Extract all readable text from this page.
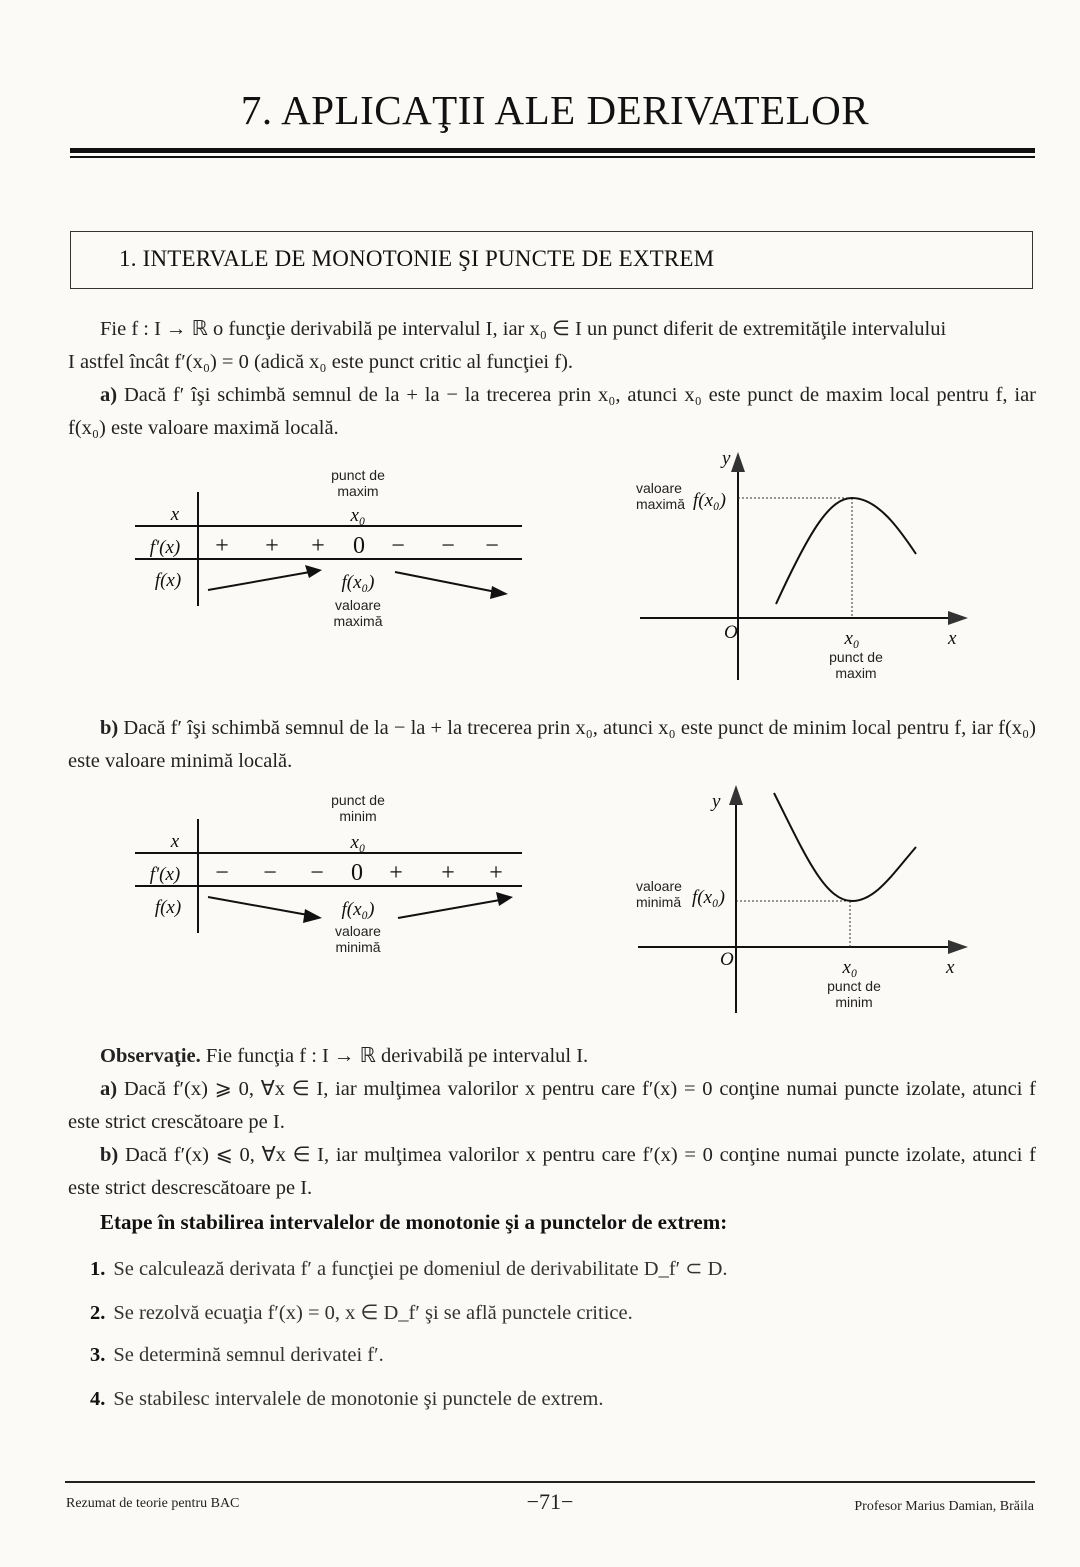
7. APLICAŢII ALE DERIVATELOR
1. INTERVALE DE MONOTONIE ŞI PUNCTE DE EXTREM
Fie f : I → ℝ o funcţie derivabilă pe intervalul I, iar x₀ ∈ I un punct diferit de extremităţile intervalului
I astfel încât f′(x₀) = 0 (adică x₀ este punct critic al funcţiei f).
a) Dacă f′ îşi schimbă semnul de la + la − la trecerea prin x₀, atunci x₀ este punct de maxim local pentru f, iar f(x₀) este valoare maximă locală.
punct de
maxim
x
f'(x)
f(x)
x₀
+ + + 0 − − −
f(x₀)
valoare
maximă
y
x
O
valoare
maximă f(x₀)
x₀
punct de
maxim
b) Dacă f′ îşi schimbă semnul de la − la + la trecerea prin x₀, atunci x₀ este punct de minim local pentru f, iar f(x₀) este valoare minimă locală.
punct de
minim
x
f'(x)
f(x)
x₀
− − − 0 + + +
f(x₀)
valoare
minimă
y
x
O
valoare
minimă f(x₀)
x₀
punct de
minim
Observaţie. Fie funcţia f : I → ℝ derivabilă pe intervalul I.
a) Dacă f′(x) ⩾ 0, ∀x ∈ I, iar mulţimea valorilor x pentru care f′(x) = 0 conţine numai puncte izolate, atunci f este strict crescătoare pe I.
b) Dacă f′(x) ⩽ 0, ∀x ∈ I, iar mulţimea valorilor x pentru care f′(x) = 0 conţine numai puncte izolate, atunci f este strict descrescătoare pe I.
Etape în stabilirea intervalelor de monotonie şi a punctelor de extrem:
1. Se calculează derivata f′ a funcţiei pe domeniul de derivabilitate D_f′ ⊂ D.
2. Se rezolvă ecuaţia f′(x) = 0, x ∈ D_f′ şi se află punctele critice.
3. Se determină semnul derivatei f′.
4. Se stabilesc intervalele de monotonie şi punctele de extrem.
Rezumat de teorie pentru BAC	−71−	Profesor Marius Damian, Brăila
